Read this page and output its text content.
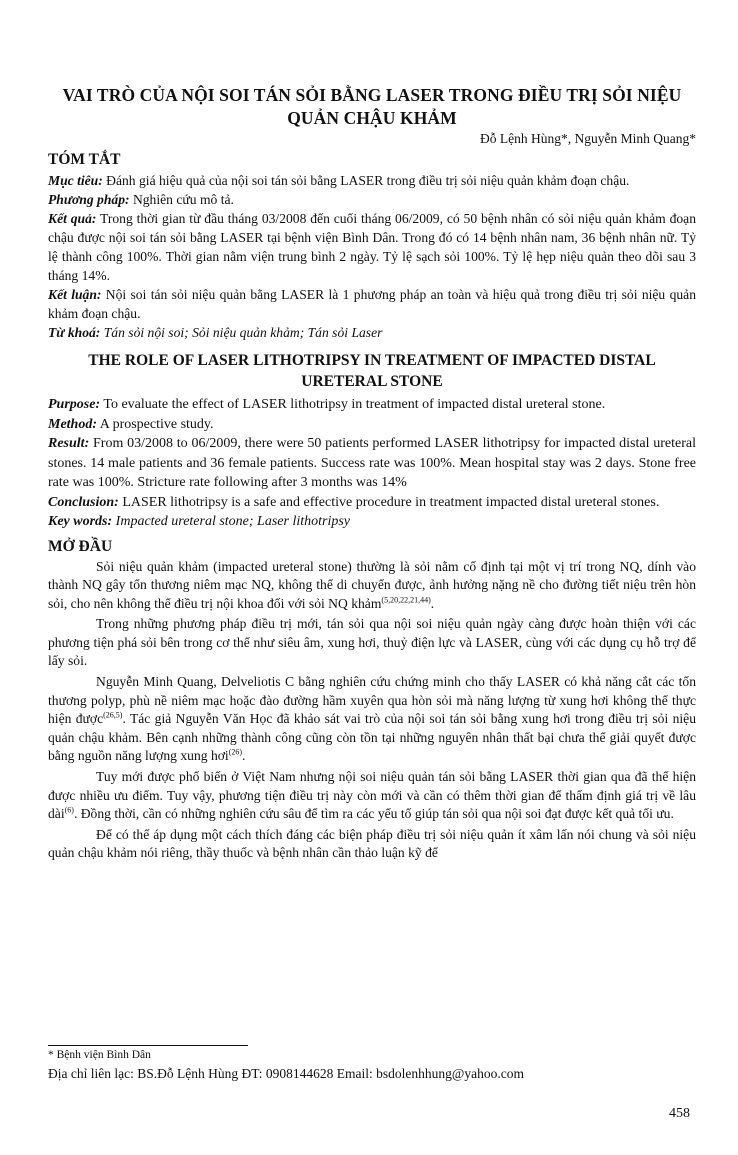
VAI TRÒ CỦA NỘI SOI TÁN SỎI BẰNG LASER TRONG ĐIỀU TRỊ SỎI NIỆU QUẢN CHẬU KHẢM
Đỗ Lệnh Hùng*, Nguyễn Minh Quang*
TÓM TẮT

Mục tiêu: Đánh giá hiệu quả của nội soi tán sỏi bằng LASER trong điều trị sỏi niệu quản khảm đoạn chậu.

Phương pháp: Nghiên cứu mô tả.

Kết quả: Trong thời gian từ đầu tháng 03/2008 đến cuối tháng 06/2009, có 50 bệnh nhân có sỏi niệu quản khảm đoạn chậu được nội soi tán sỏi bằng LASER tại bệnh viện Bình Dân. Trong đó có 14 bệnh nhân nam, 36 bệnh nhân nữ. Tỷ lệ thành công 100%. Thời gian nằm viện trung bình 2 ngày. Tỷ lệ sạch sỏi 100%. Tỷ lệ hẹp niệu quản theo dõi sau 3 tháng 14%.

Kết luận: Nội soi tán sỏi niệu quản bằng LASER là 1 phương pháp an toàn và hiệu quả trong điều trị sỏi niệu quản khảm đoạn chậu.

Từ khoá: Tán sỏi nội soi; Sỏi niệu quản khảm; Tán sỏi Laser

THE ROLE OF LASER LITHOTRIPSY IN TREATMENT OF IMPACTED DISTAL URETERAL STONE

Purpose: To evaluate the effect of LASER lithotripsy in treatment of impacted distal ureteral stone.

Method: A prospective study.

Result: From 03/2008 to 06/2009, there were 50 patients performed LASER lithotripsy for impacted distal ureteral stones. 14 male patients and 36 female patients. Success rate was 100%. Mean hospital stay was 2 days. Stone free rate was 100%. Stricture rate following after 3 months was 14%

Conclusion: LASER lithotripsy is a safe and effective procedure in treatment impacted distal ureteral stones.

Key words: Impacted ureteral stone; Laser lithotripsy

MỞ ĐẦU

Sỏi niệu quản khảm (impacted ureteral stone) thường là sỏi nằm cố định tại một vị trí trong NQ, dính vào thành NQ gây tổn thương niêm mạc NQ, không thể di chuyển được, ảnh hưởng nặng nề cho đường tiết niệu trên hòn sỏi, cho nên không thể điều trị nội khoa đối với sỏi NQ khảm$^{(5,20,22,21,44)}$.

Trong những phương pháp điều trị mới, tán sỏi qua nội soi niệu quản ngày càng được hoàn thiện với các phương tiện phá sỏi bên trong cơ thể như siêu âm, xung hơi, thuỷ điện lực và LASER, cùng với các dụng cụ hỗ trợ để lấy sỏi.

Nguyễn Minh Quang, Delveliotis C bằng nghiên cứu chứng minh cho thấy LASER có khả năng cắt các tổn thương polyp, phù nề niêm mạc hoặc đào đường hầm xuyên qua hòn sỏi mà năng lượng từ xung hơi không thể thực hiện được$^{(26,5)}$. Tác giả Nguyễn Văn Học đã khảo sát vai trò của nội soi tán sỏi bằng xung hơi trong điều trị sỏi niệu quản chậu khảm. Bên cạnh những thành công cũng còn tồn tại những nguyên nhân thất bại chưa thể giải quyết được bằng nguồn năng lượng xung hơi$^{(26)}$.

Tuy mới được phổ biến ở Việt Nam nhưng nội soi niệu quản tán sỏi bằng LASER thời gian qua đã thể hiện được nhiều ưu điểm. Tuy vậy, phương tiện điều trị này còn mới và cần có thêm thời gian để thẩm định giá trị về lâu dài$^{(6)}$. Đồng thời, cần có những nghiên cứu sâu để tìm ra các yếu tố giúp tán sỏi qua nội soi đạt được kết quả tối ưu.

Để có thể áp dụng một cách thích đáng các biện pháp điều trị sỏi niệu quản ít xâm lấn nói chung và sỏi niệu quản chậu khảm nói riêng, thầy thuốc và bệnh nhân cần thảo luận kỹ để

* Bệnh viện Bình Dân
Địa chỉ liên lạc: BS.Đỗ Lệnh Hùng ĐT: 0908144628 Email: bsdolenhhung@yahoo.com
458
